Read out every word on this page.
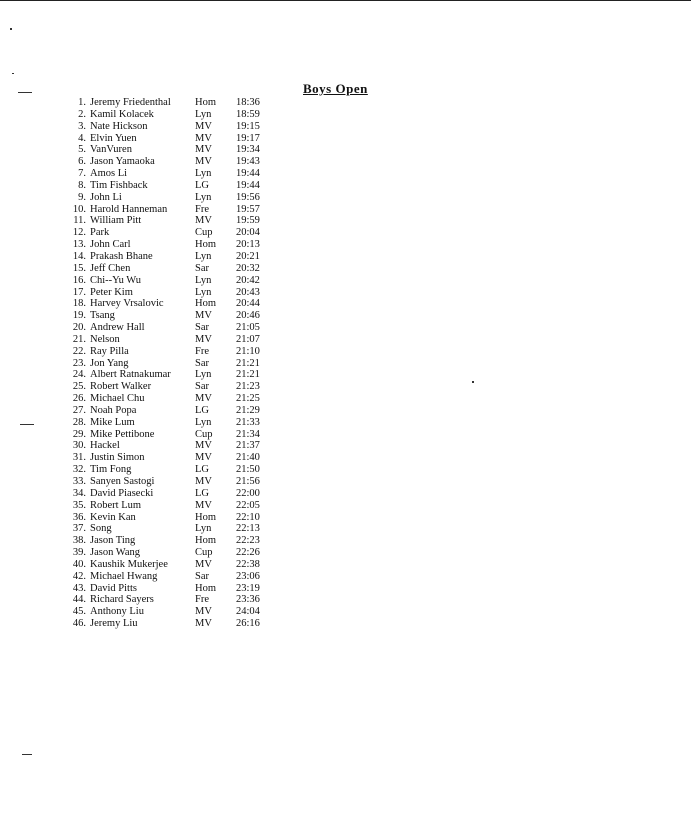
Boys Open
1. Jeremy Friedenthal Hom 18:36
2. Kamil Kolacek	Lyn 18:59
3. Nate Hickson	MV 19:15
4. Elvin Yuen	MV 19:17
5. VanVuren	MV 19:34
6. Jason Yamaoka	MV 19:43
7. Amos Li	Lyn 19:44
8. Tim Fishback	LG	19:44
9. John Li	Lyn 19:56
10. Harold Hanneman	Fre	19:57
11. William Pitt	MV 19:59
12. Park	Cup 20:04
13. John Carl	Hom 20:13
14. Prakash Bhane	Lyn 20:21
15. Jeff Chen	Sar	20:32
16. Chi--Yu Wu	Lyn 20:42
17. Peter Kim	Lyn 20:43
18. Harvey Vrsalovic	Hom 20:44
19. Tsang	MV 20:46
20. Andrew Hall	Sar	21:05
21. Nelson	MV 21:07
22. Ray Pilla	Fre	21:10
23. Jon Yang	Sar	21:21
24. Albert Ratnakumar Lyn 21:21
25. Robert Walker	Sar	21:23
26. Michael Chu	MV 21:25
27. Noah Popa	LG	21:29
28. Mike Lum	Lyn 21:33
29. Mike Pettibone	Cup 21:34
30. Hackel	MV 21:37
31. Justin Simon	MV 21:40
32. Tim Fong	LG	21:50
33. Sanyen Sastogi	MV 21:56
34. David Piasecki	LG	22:00
35. Robert Lum	MV 22:05
36. Kevin Kan	Hom 22:10
37. Song	Lyn 22:13
38. Jason Ting	Hom 22:23
39. Jason Wang	Cup 22:26
40. Kaushik Mukerjee	MV 22:38
42. Michael Hwang	Sar	23:06
43. David Pitts	Hom 23:19
44. Richard Sayers	Fre	23:36
45. Anthony Liu	MV 24:04
46. Jeremy Liu	MV 26:16
